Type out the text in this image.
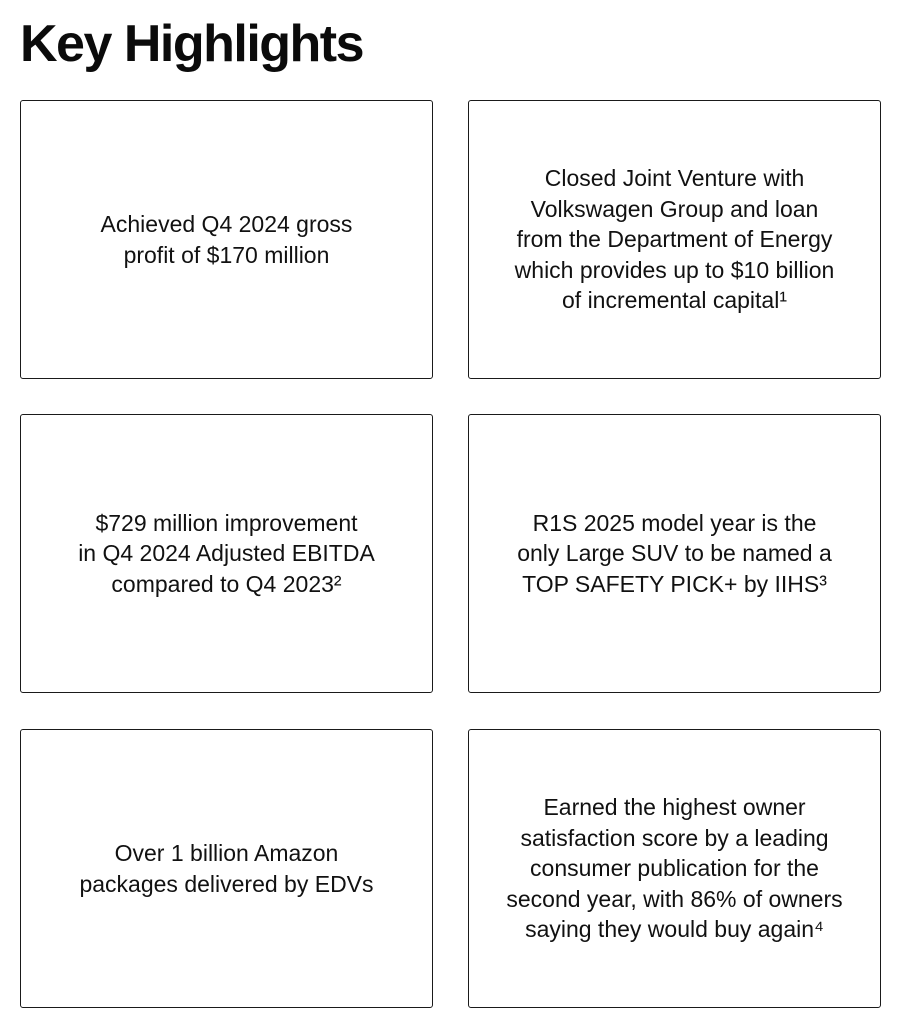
Key Highlights

Achieved Q4 2024 gross
profit of $170 million

Closed Joint Venture with
Volkswagen Group and loan
from the Department of Energy
which provides up to $10 billion
of incremental capital¹

$729 million improvement
in Q4 2024 Adjusted EBITDA
compared to Q4 2023²

R1S 2025 model year is the
only Large SUV to be named a
TOP SAFETY PICK+ by IIHS³

Over 1 billion Amazon
packages delivered by EDVs

Earned the highest owner
satisfaction score by a leading
consumer publication for the
second year, with 86% of owners
saying they would buy again⁴
